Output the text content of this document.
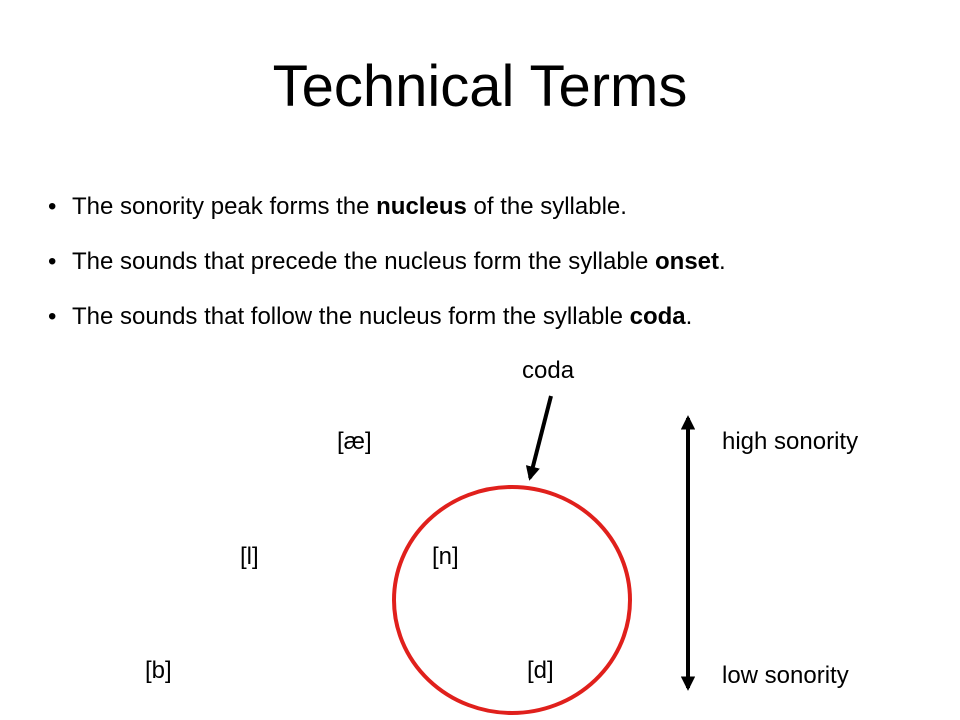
Technical Terms
• The sonority peak forms the nucleus of the syllable.
• The sounds that precede the nucleus form the syllable onset.
• The sounds that follow the nucleus form the syllable coda.
coda
[æ]
[l]	[n]
[b]	[d]
high sonority
low sonority
